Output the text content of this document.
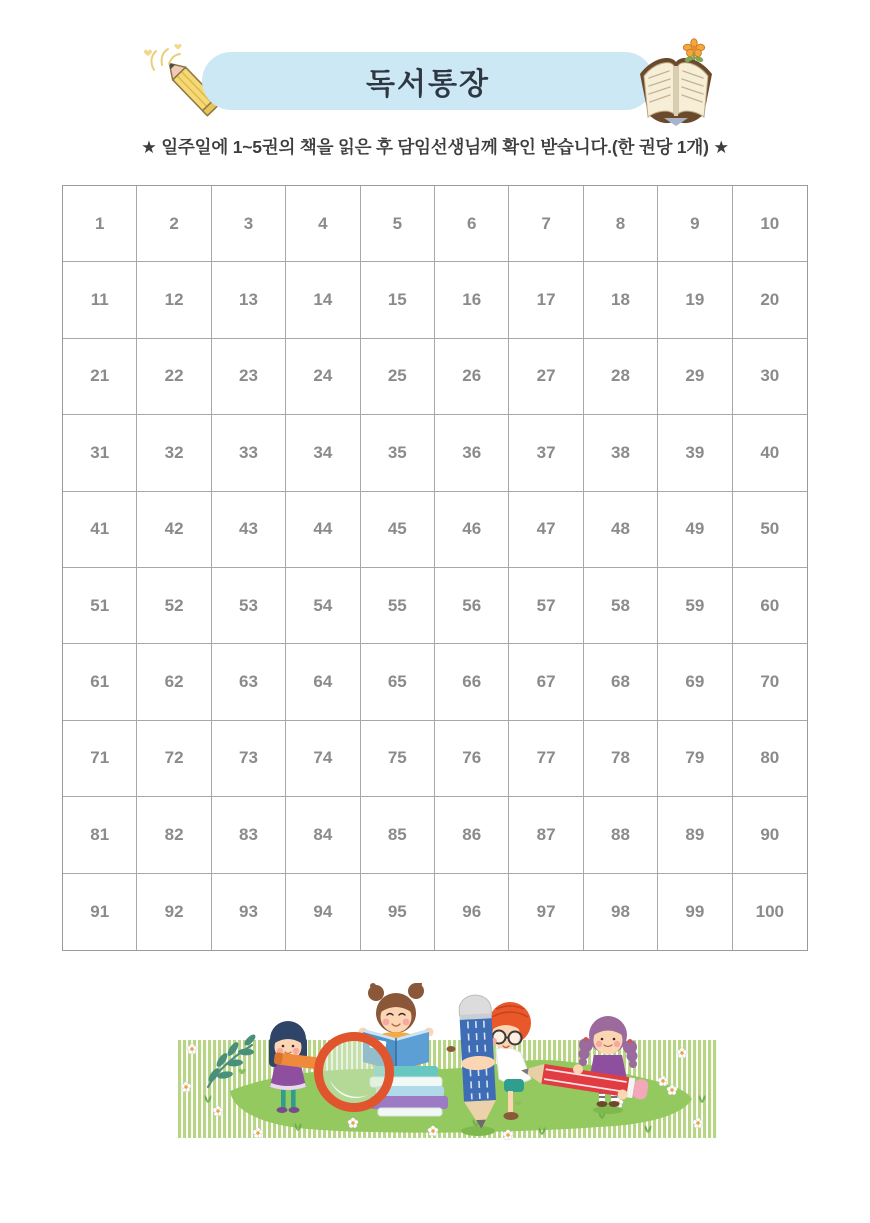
독서통장
★ 일주일에 1~5권의 책을 읽은 후 담임선생님께 확인 받습니다.(한 권당 1개) ★
1	2	3	4	5	6	7	8	9	10
11	12	13	14	15	16	17	18	19	20
21	22	23	24	25	26	27	28	29	30
31	32	33	34	35	36	37	38	39	40
41	42	43	44	45	46	47	48	49	50
51	52	53	54	55	56	57	58	59	60
61	62	63	64	65	66	67	68	69	70
71	72	73	74	75	76	77	78	79	80
81	82	83	84	85	86	87	88	89	90
91	92	93	94	95	96	97	98	99	100
